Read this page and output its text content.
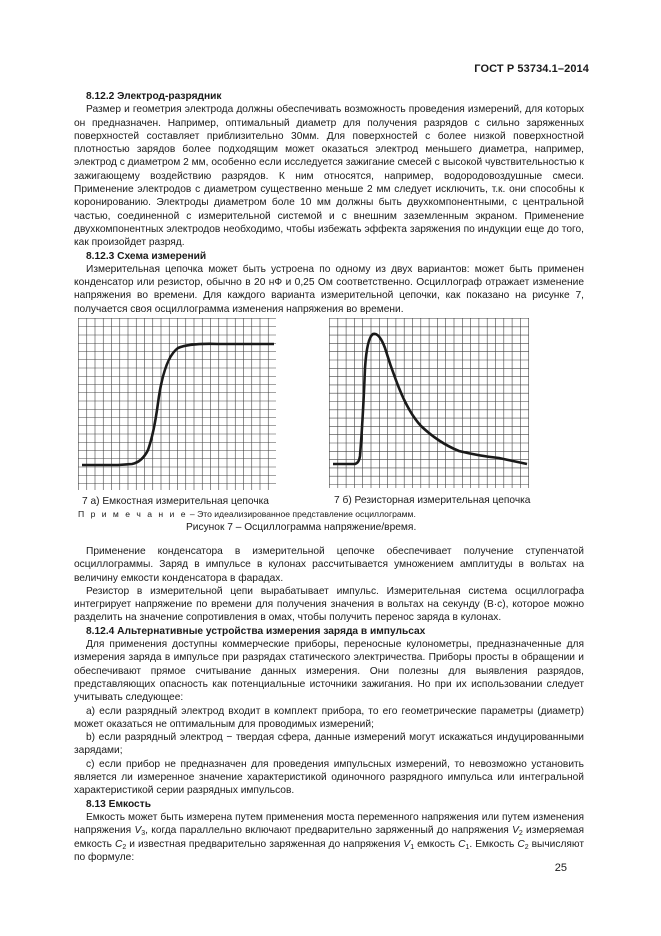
ГОСТ Р 53734.1–2014

8.12.2 Электрод-разрядник

Размер и геометрия электрода должны обеспечивать возможность проведения измерений, для которых он предназначен. Например, оптимальный диаметр для получения разрядов с сильно заряженных поверхностей составляет приблизительно 30мм. Для поверхностей с более низкой поверхностной плотностью зарядов более подходящим может оказаться электрод меньшего диаметра, например, электрод с диаметром 2 мм, особенно если исследуется зажигание смесей с высокой чувствительностью к зажигающему воздействию разрядов. К ним относятся, например, водородовоздушные смеси. Применение электродов с диаметром существенно меньше 2 мм следует исключить, т.к. они способны к коронированию. Электроды диаметром боле 10 мм должны быть двухкомпонентными, с центральной частью, соединенной с измерительной системой и с внешним заземленным экраном. Применение двухкомпонентных электродов необходимо, чтобы избежать эффекта заряжения по индукции еще до того, как произойдет разряд.

8.12.3 Схема измерений

Измерительная цепочка может быть устроена по одному из двух вариантов: может быть применен конденсатор или резистор, обычно в 20 нФ и 0,25 Ом соответственно. Осциллограф отражает изменение напряжения во времени. Для каждого варианта измерительной цепочки, как показано на рисунке 7, получается своя осциллограмма изменения напряжения во времени.

7 а) Емкостная измерительная цепочка	7 б) Резисторная измерительная цепочка
П р и м е ч а н и е – Это идеализированное представление осциллограмм.
Рисунок 7 – Осциллограмма напряжение/время.

Применение конденсатора в измерительной цепочке обеспечивает получение ступенчатой осциллограммы. Заряд в импульсе в кулонах рассчитывается умножением амплитуды в вольтах на величину емкости конденсатора в фарадах.

Резистор в измерительной цепи вырабатывает импульс. Измерительная система осциллографа интегрирует напряжение по времени для получения значения в вольтах на секунду (В·с), которое можно разделить на значение сопротивления в омах, чтобы получить перенос заряда в кулонах.

8.12.4 Альтернативные устройства измерения заряда в импульсах

Для применения доступны коммерческие приборы, переносные кулонометры, предназначенные для измерения заряда в импульсе при разрядах статического электричества. Приборы просты в обращении и обеспечивают прямое считывание данных измерения. Они полезны для выявления разрядов, представляющих опасность как потенциальные источники зажигания. Но при их использовании следует учитывать следующее:

а) если разрядный электрод входит в комплект прибора, то его геометрические параметры (диаметр) может оказаться не оптимальным для проводимых измерений;

b) если разрядный электрод − твердая сфера, данные измерений могут искажаться индуцированными зарядами;

с) если прибор не предназначен для проведения импульсных измерений, то невозможно установить является ли измеренное значение характеристикой одиночного разрядного импульса или интегральной характеристикой серии разрядных импульсов.

8.13 Емкость

Емкость может быть измерена путем применения моста переменного напряжения или путем изменения напряжения $V_3$, когда параллельно включают предварительно заряженный до напряжения $V_2$ измеряемая емкость $C_2$ и известная предварительно заряженная до напряжения $V_1$ емкость $C_1$. Емкость $C_2$ вычисляют по формуле:

25
